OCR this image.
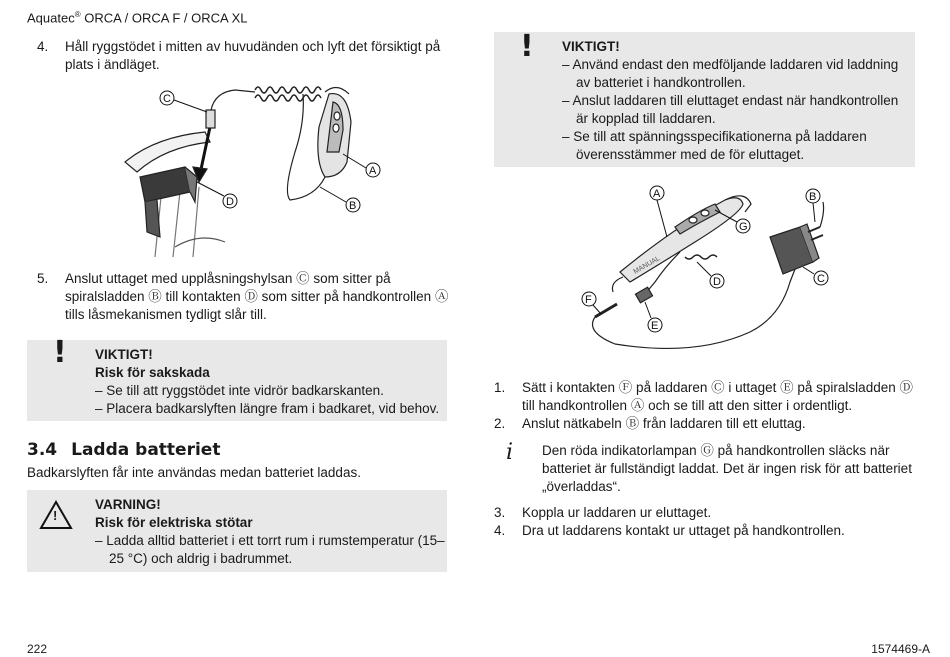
Aquatec® ORCA / ORCA F / ORCA XL
4.	Håll ryggstödet i mitten av huvudänden och lyft det försiktigt på plats i ändläget.
C
A
D	B
5.	Anslut uttaget med upplåsningshylsan Ⓒ som sitter på spiralsladden Ⓑ till kontakten Ⓓ som sitter på handkontrollen Ⓐ tills låsmekanismen tydligt slår till.
! VIKTIGT!
Risk för sakskada
– Se till att ryggstödet inte vidrör badkarskanten.
– Placera badkarslyften längre fram i badkaret, vid behov.
3.4 Ladda batteriet
Badkarslyften får inte användas medan batteriet laddas.
!
VARNING!
Risk för elektriska stötar
– Ladda alltid batteriet i ett torrt rum i rumstemperatur (15–25 °C) och aldrig i badrummet.
! VIKTIGT!
– Använd endast den medföljande laddaren vid laddning av batteriet i handkontrollen.
– Anslut laddaren till eluttaget endast när handkontrollen är kopplad till laddaren.
– Se till att spänningsspecifikationerna på laddaren överensstämmer med de för eluttaget.
MANUAL
A	B
G
C
D
F
E
1.	Sätt i kontakten Ⓕ på laddaren Ⓒ i uttaget Ⓔ på spiralsladden Ⓓ till handkontrollen Ⓐ och se till att den sitter i ordentligt.
2.	Anslut nätkabeln Ⓑ från laddaren till ett eluttag.
i Den röda indikatorlampan Ⓖ på handkontrollen släcks när batteriet är fullständigt laddat. Det är ingen risk för att batteriet „överladdas“.
3.	Koppla ur laddaren ur eluttaget.
4.	Dra ut laddarens kontakt ur uttaget på handkontrollen.
222	1574469-A
